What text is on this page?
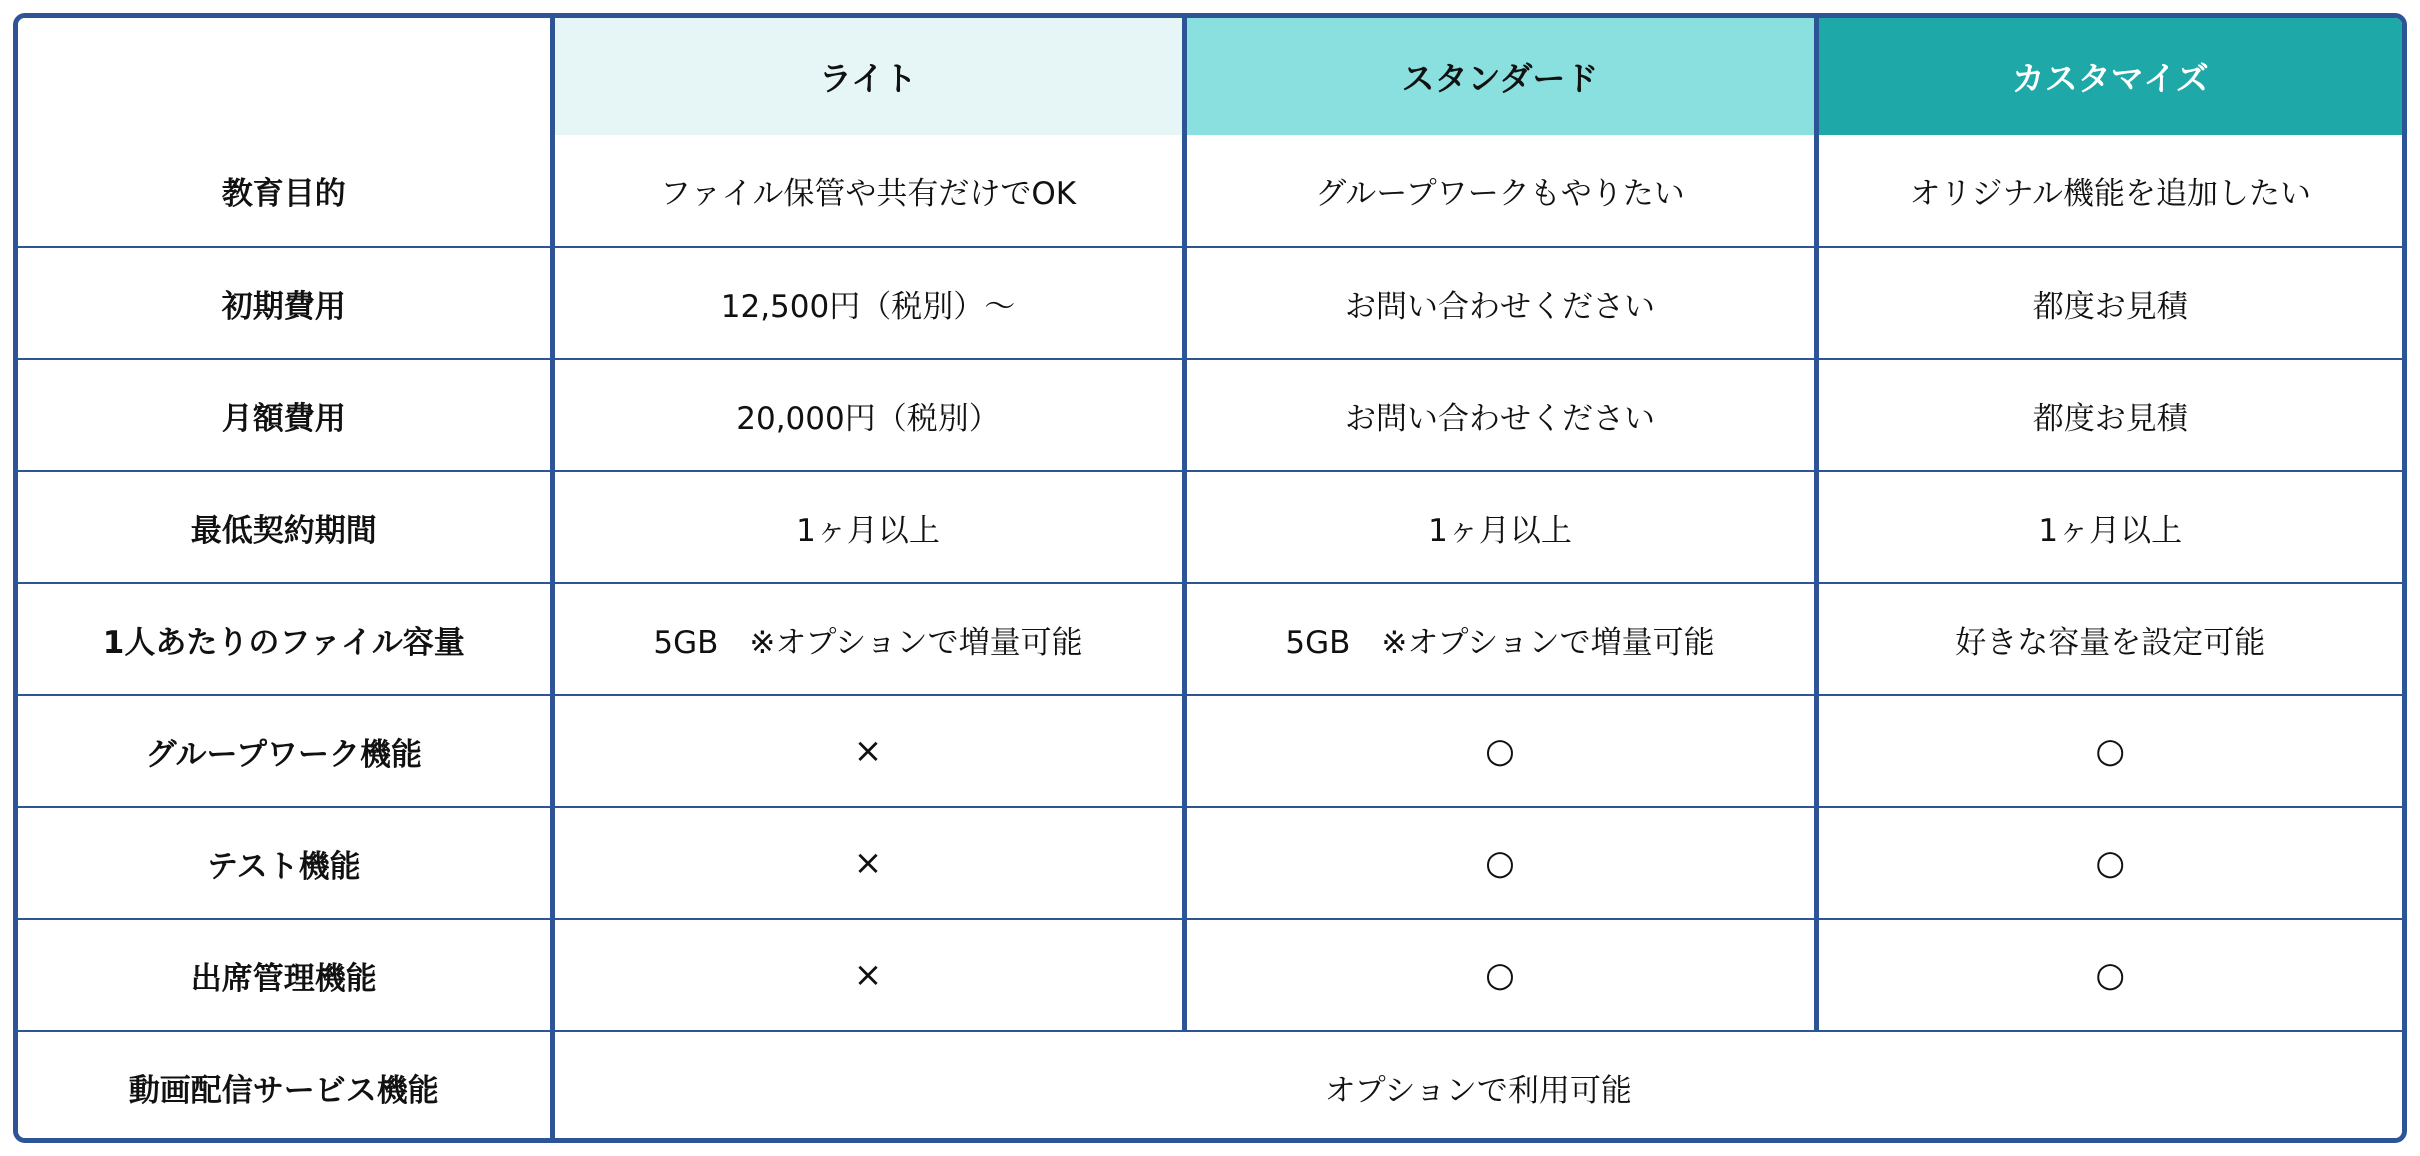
	ライト	スタンダード	カスタマイズ
教育目的	ファイル保管や共有だけでOK	グループワークもやりたい	オリジナル機能を追加したい
初期費用	12,500円（税別）〜	お問い合わせください	都度お見積
月額費用	20,000円（税別）	お問い合わせください	都度お見積
最低契約期間	1ヶ月以上	1ヶ月以上	1ヶ月以上
1人あたりのファイル容量	5GB　※オプションで増量可能	5GB　※オプションで増量可能	好きな容量を設定可能
グループワーク機能	×	○	○
テスト機能	×	○	○
出席管理機能	×	○	○
動画配信サービス機能	オプションで利用可能		
